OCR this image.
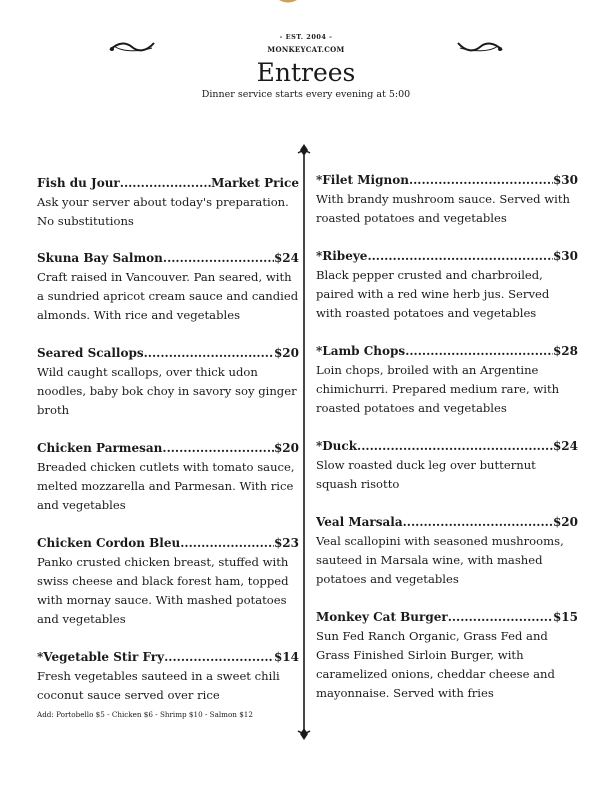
- EST. 2004 -
MONKEYCAT.COM
Entrees
Dinner service starts every evening at 5:00
Fish du Jour .....	Market Price
Ask your server about today's preparation. No substitutions
Skuna Bay Salmon .....	$24
Craft raised in Vancouver. Pan seared, with a sundried apricot cream sauce and candied almonds. With rice and vegetables
Seared Scallops .....	$20
Wild caught scallops, over thick udon noodles, baby bok choy in savory soy ginger broth
Chicken Parmesan .....	$20
Breaded chicken cutlets with tomato sauce, melted mozzarella and Parmesan. With rice and vegetables
Chicken Cordon Bleu .....	$23
Panko crusted chicken breast, stuffed with swiss cheese and black forest ham, topped with mornay sauce. With mashed potatoes and vegetables
*Vegetable Stir Fry .....	$14
Fresh vegetables sauteed in a sweet chili coconut sauce served over rice
Add: Portobello $5 - Chicken $6 - Shrimp $10 - Salmon $12
*Filet Mignon .....	$30
With brandy mushroom sauce. Served with roasted potatoes and vegetables
*Ribeye .....	$30
Black pepper crusted and charbroiled, paired with a red wine herb jus. Served with roasted potatoes and vegetables
*Lamb Chops .....	$28
Loin chops, broiled with an Argentine chimichurri. Prepared medium rare, with roasted potatoes and vegetables
*Duck .....	$24
Slow roasted duck leg over butternut squash risotto
Veal Marsala .....	$20
Veal scallopini with seasoned mushrooms, sauteed in Marsala wine, with mashed potatoes and vegetables
Monkey Cat Burger .....	$15
Sun Fed Ranch Organic, Grass Fed and Grass Finished Sirloin Burger, with caramelized onions, cheddar cheese and mayonnaise. Served with fries
